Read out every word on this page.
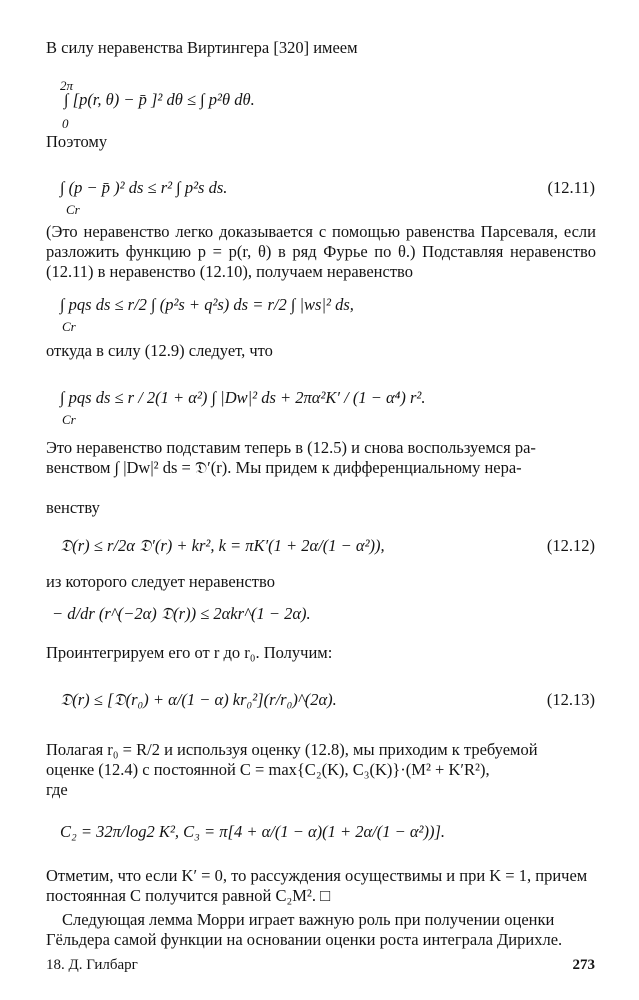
В силу неравенства Виртингера [320] имеем
2π
0
∫ [p(r, θ) − p̄ ]² dθ ≤ ∫ p²θ dθ.
Поэтому
∫ (p − p̄ )² ds ≤ r² ∫ p²s ds.
Cr
(12.11)
(Это неравенство легко доказывается с помощью равенства Парсеваля, если разложить функцию p = p(r, θ) в ряд Фурье по θ.) Подставляя неравенство (12.11) в неравенство (12.10), получаем неравенство
∫ pqs ds ≤ r/2 ∫ (p²s + q²s) ds = r/2 ∫ |ws|² ds,
Cr
откуда в силу (12.9) следует, что
∫ pqs ds ≤ r / 2(1 + α²) ∫ |Dw|² ds + 2πα²K′ / (1 − α⁴) r².
Cr
Это неравенство подставим теперь в (12.5) и снова воспользуемся ра-
венством ∫ |Dw|² ds = 𝔇′(r). Мы придем к дифференциальному нера-
венству
𝔇(r) ≤ r/2α 𝔇′(r) + kr², k = πK′(1 + 2α/(1 − α²)),	(12.12)
из которого следует неравенство
− d/dr (r^(−2α) 𝔇(r)) ≤ 2αkr^(1 − 2α).
Проинтегрируем его от r до r₀. Получим:
𝔇(r) ≤ [𝔇(r₀) + α/(1 − α) kr₀²](r/r₀)^(2α).	(12.13)
Полагая r₀ = R/2 и используя оценку (12.8), мы приходим к требуемой
оценке (12.4) с постоянной C = max{C₂(K), C₃(K)}·(M² + K′R²),
где
C₂ = 32π/log2 K², C₃ = π[4 + α/(1 − α)(1 + 2α/(1 − α²))].
Отметим, что если K′ = 0, то рассуждения осуществимы и при K = 1, причем
постоянная C получится равной C₂M². □
Следующая лемма Морри играет важную роль при получении оценки
Гёльдера самой функции на основании оценки роста интеграла Дирихле.
18. Д. Гилбарг	273
